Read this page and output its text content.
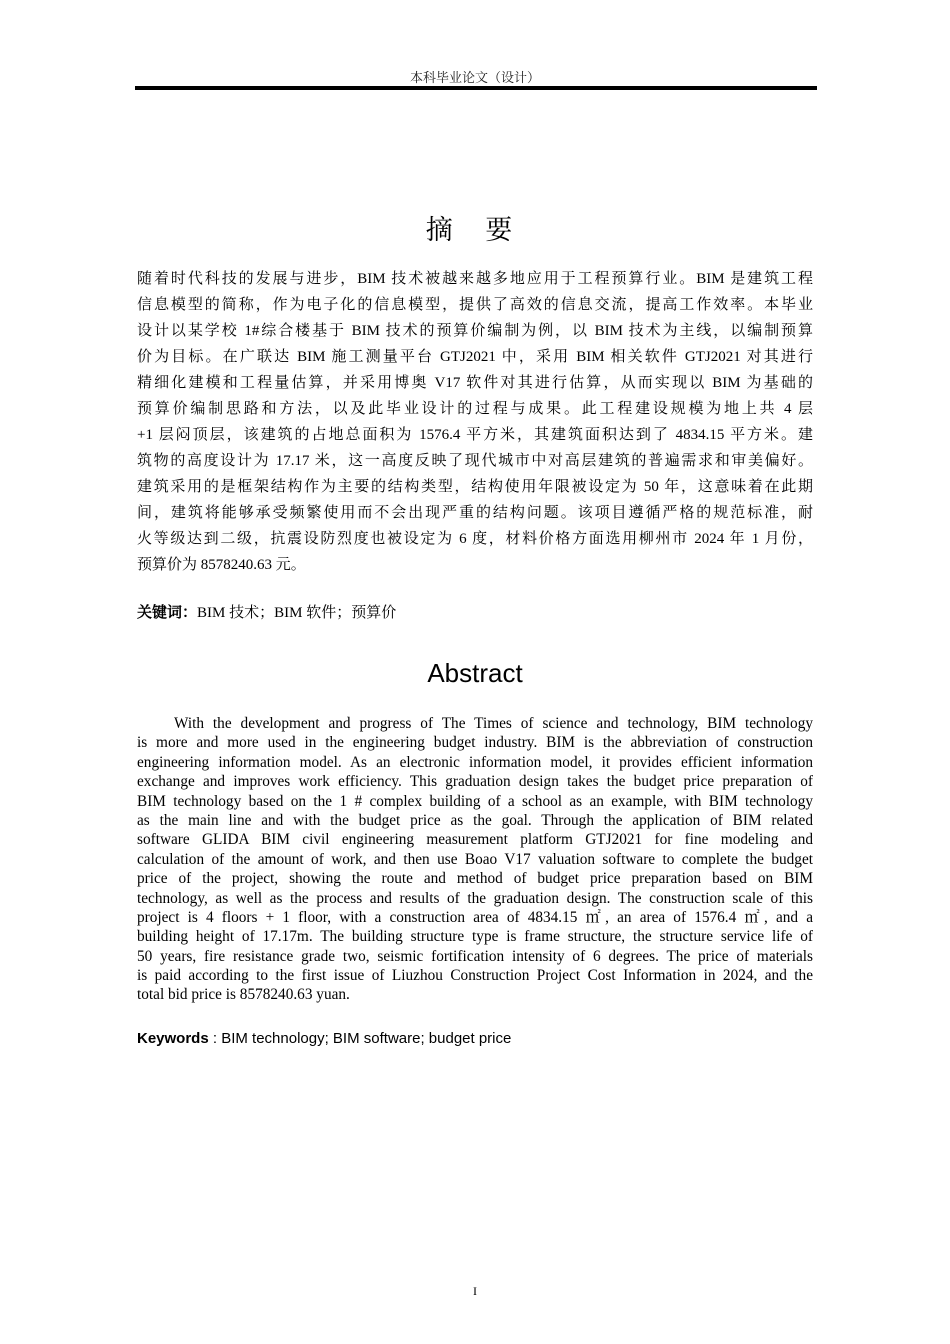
本科毕业论文（设计）
摘 要
随着时代科技的发展与进步，BIM 技术被越来越多地应用于工程预算行业。BIM 是建筑工程
信息模型的简称，作为电子化的信息模型，提供了高效的信息交流，提高工作效率。本毕业
设计以某学校 1#综合楼基于 BIM 技术的预算价编制为例，以 BIM 技术为主线，以编制预算
价为目标。在广联达 BIM 施工测量平台 GTJ2021 中，采用 BIM 相关软件 GTJ2021 对其进行
精细化建模和工程量估算，并采用博奥 V17 软件对其进行估算，从而实现以 BIM 为基础的
预算价编制思路和方法，以及此毕业设计的过程与成果。此工程建设规模为地上共 4 层
+1 层闷顶层，该建筑的占地总面积为 1576.4 平方米，其建筑面积达到了 4834.15 平方米。建
筑物的高度设计为 17.17 米，这一高度反映了现代城市中对高层建筑的普遍需求和审美偏好。
建筑采用的是框架结构作为主要的结构类型，结构使用年限被设定为 50 年，这意味着在此期
间，建筑将能够承受频繁使用而不会出现严重的结构问题。该项目遵循严格的规范标准，耐
火等级达到二级，抗震设防烈度也被设定为 6 度，材料价格方面选用柳州市 2024 年 1 月份，
预算价为 8578240.63 元。
关键词：BIM 技术；BIM 软件；预算价
Abstract
With the development and progress of The Times of science and technology, BIM technology
is more and more used in the engineering budget industry. BIM is the abbreviation of construction
engineering information model. As an electronic information model, it provides efficient information
exchange and improves work efficiency. This graduation design takes the budget price preparation of
BIM technology based on the 1 # complex building of a school as an example, with BIM technology
as the main line and with the budget price as the goal. Through the application of BIM related
software GLIDA BIM civil engineering measurement platform GTJ2021 for fine modeling and
calculation of the amount of work, and then use Boao V17 valuation software to complete the budget
price of the project, showing the route and method of budget price preparation based on BIM
technology, as well as the process and results of the graduation design. The construction scale of this
project is 4 floors + 1 floor, with a construction area of 4834.15 ㎡, an area of 1576.4 ㎡, and a
building height of 17.17m. The building structure type is frame structure, the structure service life of
50 years, fire resistance grade two, seismic fortification intensity of 6 degrees. The price of materials
is paid according to the first issue of Liuzhou Construction Project Cost Information in 2024, and the
total bid price is 8578240.63 yuan.
Keywords : BIM technology; BIM software; budget price
I
